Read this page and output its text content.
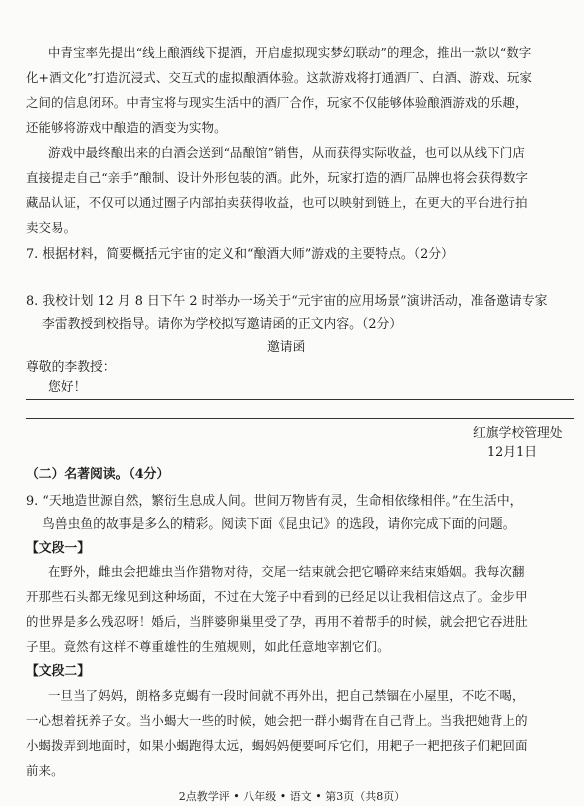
中青宝率先提出“线上酿酒线下提酒，开启虚拟现实梦幻联动”的理念，推出一款以“数字

化+酒文化”打造沉浸式、交互式的虚拟酿酒体验。这款游戏将打通酒厂、白酒、游戏、玩家

之间的信息闭环。中青宝将与现实生活中的酒厂合作，玩家不仅能够体验酿酒游戏的乐趣，

还能够将游戏中酿造的酒变为实物。

游戏中最终酿出来的白酒会送到“品酿馆”销售，从而获得实际收益，也可以从线下门店

直接提走自己“亲手”酿制、设计外形包装的酒。此外，玩家打造的酒厂品牌也将会获得数字

藏品认证，不仅可以通过圈子内部拍卖获得收益，也可以映射到链上，在更大的平台进行拍

卖交易。

7. 根据材料，简要概括元宇宙的定义和“酿酒大师”游戏的主要特点。（2分）

8. 我校计划 12 月 8 日下午 2 时举办一场关于“元宇宙的应用场景”演讲活动，准备邀请专家

李雷教授到校指导。请你为学校拟写邀请函的正文内容。（2分）

邀请函

尊敬的李教授：

您好！

红旗学校管理处

12月1日

（二）名著阅读。（4分）

9. “天地造世源自然，繁衍生息成人间。世间万物皆有灵，生命相依缘相伴。”在生活中，

鸟兽虫鱼的故事是多么的精彩。阅读下面《昆虫记》的选段，请你完成下面的问题。

【文段一】

在野外，雌虫会把雄虫当作猎物对待，交尾一结束就会把它嚼碎来结束婚姻。我每次翻

开那些石头都无缘见到这种场面，不过在大笼子中看到的已经足以让我相信这点了。金步甲

的世界是多么残忍呀！婚后，当胖婆卵巢里受了孕，再用不着帮手的时候，就会把它吞进肚

子里。竟然有这样不尊重雄性的生殖规则，如此任意地宰割它们。

【文段二】

一旦当了妈妈，朗格多克蝎有一段时间就不再外出，把自己禁锢在小屋里，不吃不喝，

一心想着抚养子女。当小蝎大一些的时候，她会把一群小蝎背在自己背上。当我把她背上的

小蝎拨弄到地面时，如果小蝎跑得太远，蝎妈妈便要呵斥它们，用耙子一耙把孩子们耙回面

前来。

2点教学评 • 八年级 • 语文 • 第3页（共8页）
